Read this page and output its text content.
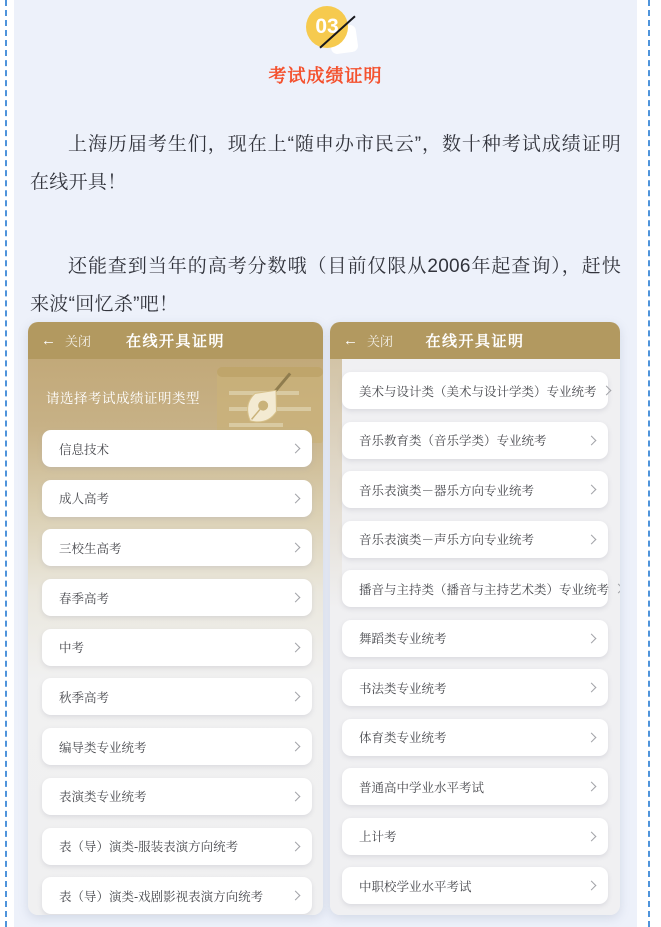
03
考试成绩证明

上海历届考生们，现在上“随申办市民云”，数十种考试成绩证明在线开具！

还能查到当年的高考分数哦（目前仅限从2006年起查询），赶快来波“回忆杀”吧！

← 关闭	在线开具证明
请选择考试成绩证明类型
信息技术
成人高考
三校生高考
春季高考
中考
秋季高考
编导类专业统考
表演类专业统考
表（导）演类-服装表演方向统考
表（导）演类-戏剧影视表演方向统考
← 关闭	在线开具证明
美术与设计类（美术与设计学类）专业统考
音乐教育类（音乐学类）专业统考
音乐表演类－器乐方向专业统考
音乐表演类－声乐方向专业统考
播音与主持类（播音与主持艺术类）专业统考
舞蹈类专业统考
书法类专业统考
体育类专业统考
普通高中学业水平考试
上计考
中职校学业水平考试
